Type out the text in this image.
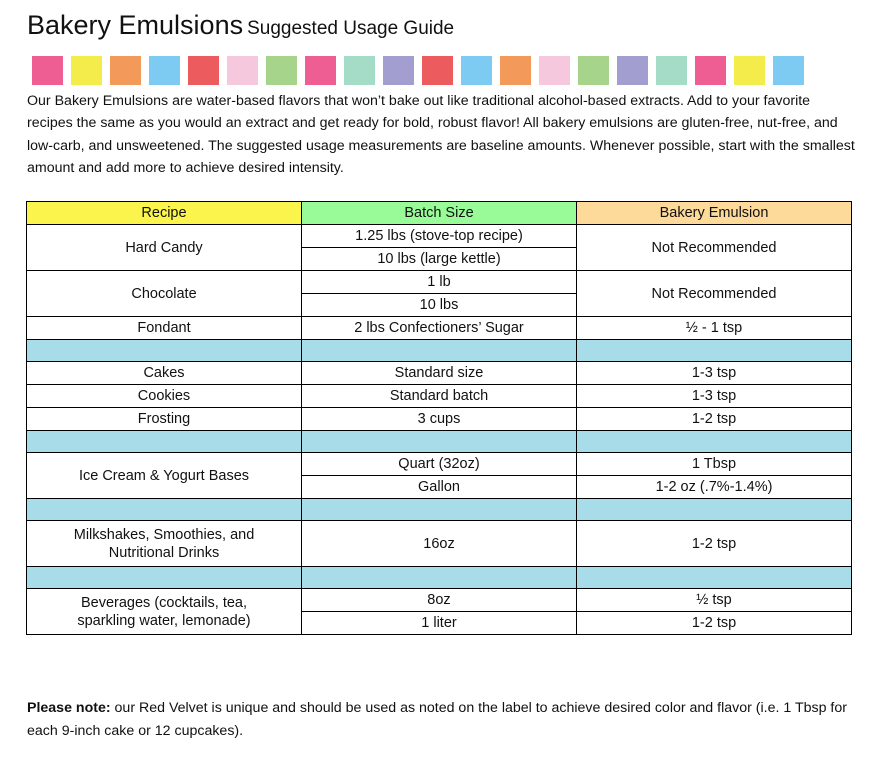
Bakery Emulsions Suggested Usage Guide
Our Bakery Emulsions are water-based flavors that won’t bake out like traditional alcohol-based extracts. Add to your favorite recipes the same as you would an extract and get ready for bold, robust flavor! All bakery emulsions are gluten-free, nut-free, and low-carb, and unsweetened. The suggested usage measurements are baseline amounts. Whenever possible, start with the smallest amount and add more to achieve desired intensity.
Recipe	Batch Size	Bakery Emulsion
Hard Candy	1.25 lbs (stove-top recipe)	Not Recommended
	10 lbs (large kettle)	
Chocolate	1 lb	Not Recommended
	10 lbs	
Fondant	2 lbs Confectioners’ Sugar	½ - 1 tsp

Cakes	Standard size	1-3 tsp
Cookies	Standard batch	1-3 tsp
Frosting	3 cups	1-2 tsp

Ice Cream & Yogurt Bases	Quart (32oz)	1 Tbsp
	Gallon	1-2 oz (.7%-1.4%)

Milkshakes, Smoothies, and Nutritional Drinks	16oz	1-2 tsp

Beverages (cocktails, tea, sparkling water, lemonade)	8oz	½ tsp
	1 liter	1-2 tsp
Please note: our Red Velvet is unique and should be used as noted on the label to achieve desired color and flavor (i.e. 1 Tbsp for each 9-inch cake or 12 cupcakes).
